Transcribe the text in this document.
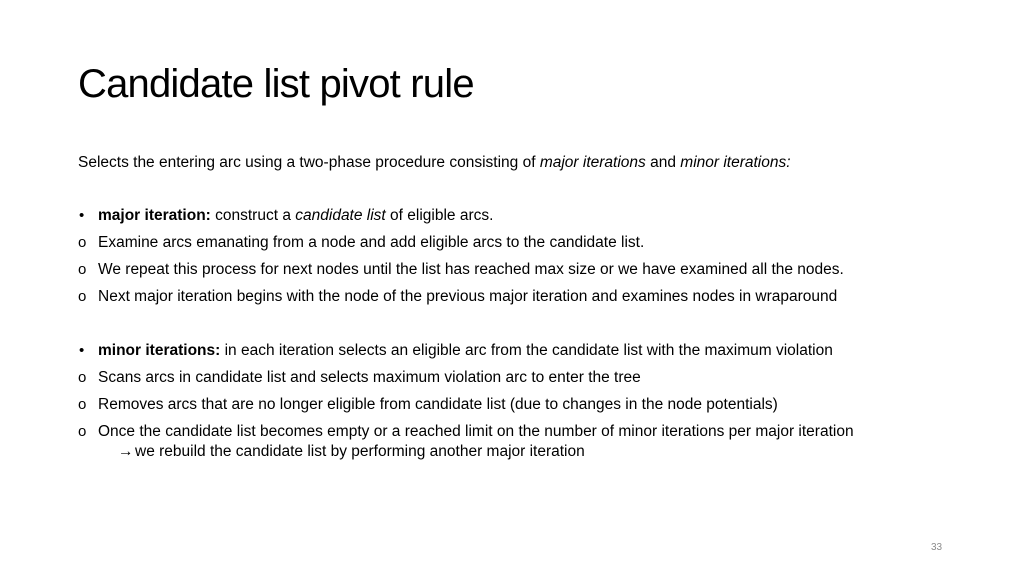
Candidate list pivot rule
Selects the entering arc using a two-phase procedure consisting of major iterations and minor iterations:
• major iteration: construct a candidate list of eligible arcs.
o Examine arcs emanating from a node and add eligible arcs to the candidate list.
o We repeat this process for next nodes until the list has reached max size or we have examined all the nodes.
o Next major iteration begins with the node of the previous major iteration and examines nodes in wraparound
• minor iterations: in each iteration selects an eligible arc from the candidate list with the maximum violation
o Scans arcs in candidate list and selects maximum violation arc to enter the tree
o Removes arcs that are no longer eligible from candidate list (due to changes in the node potentials)
o Once the candidate list becomes empty or a reached limit on the number of minor iterations per major iteration
→we rebuild the candidate list by performing another major iteration
33
